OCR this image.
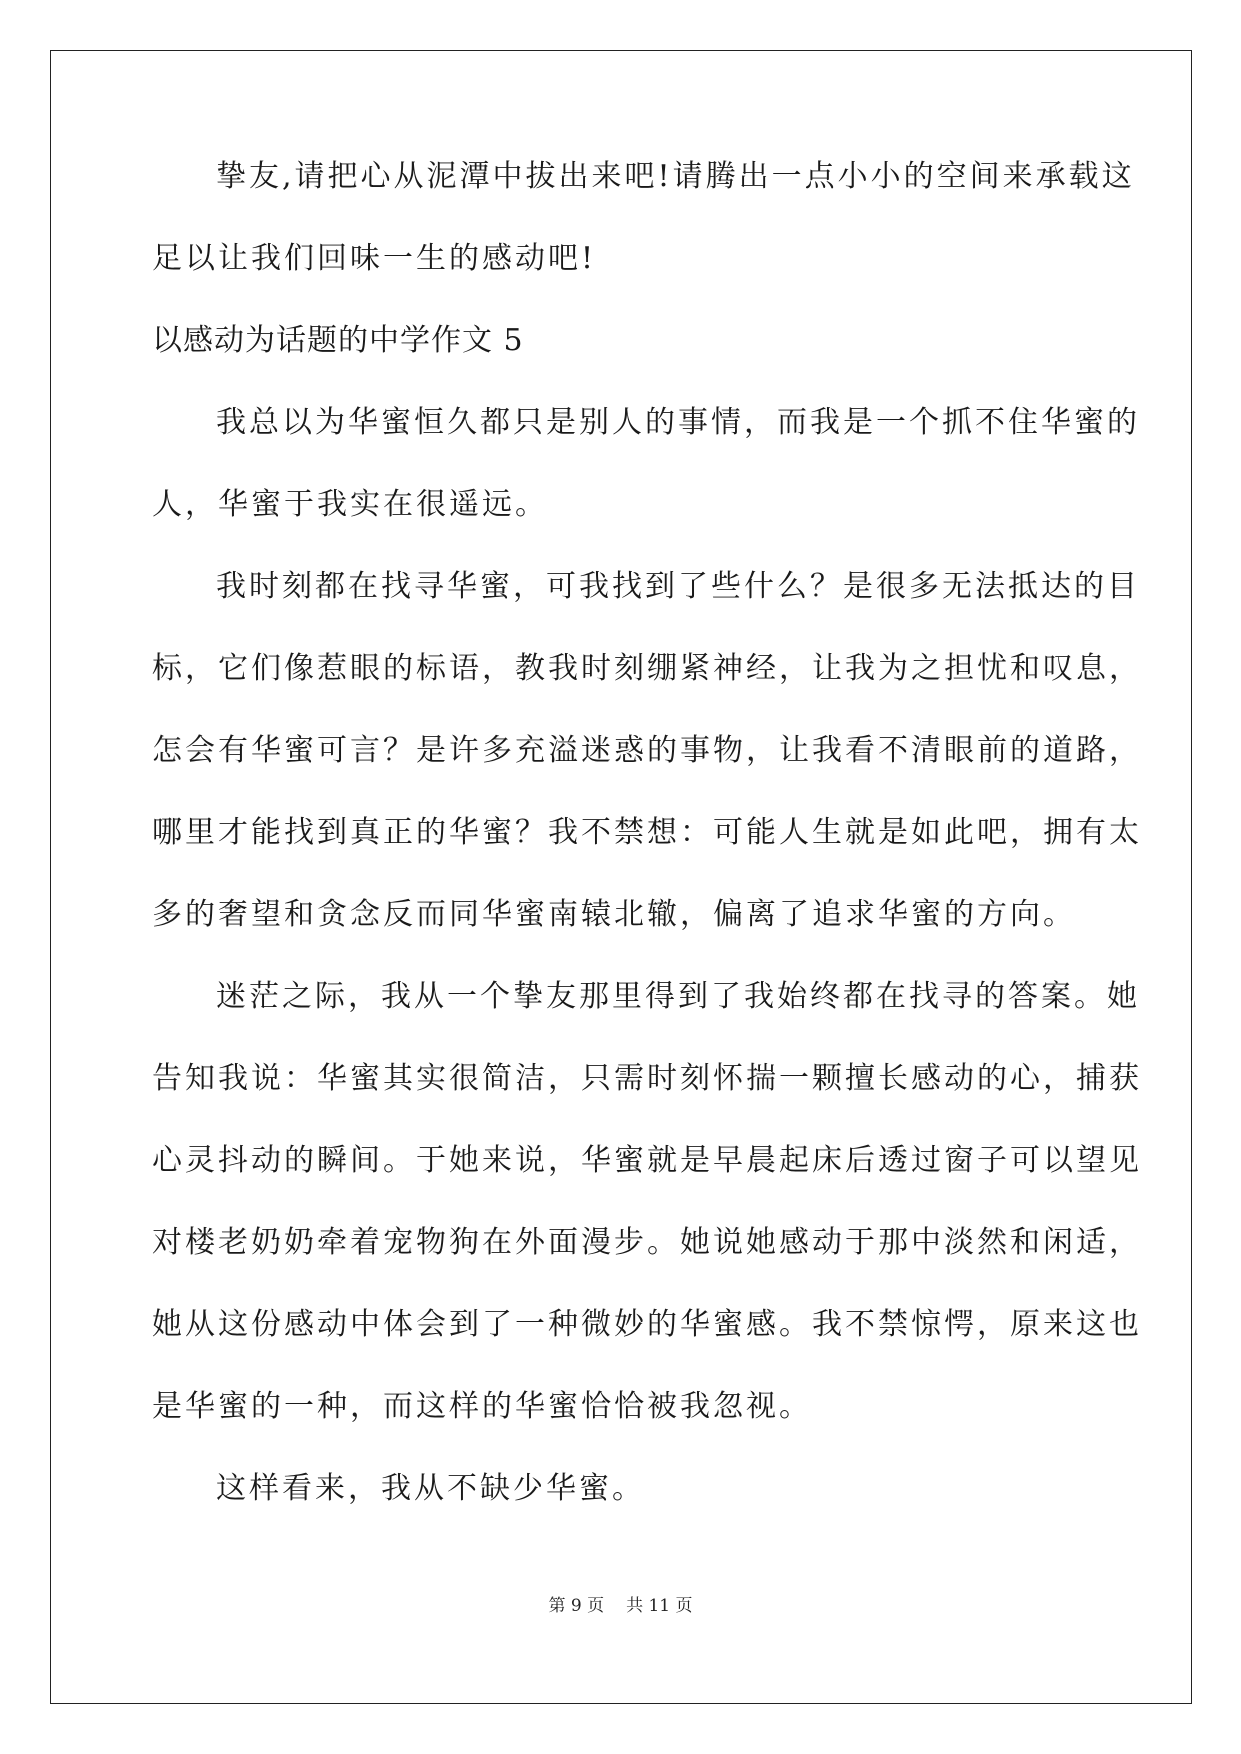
挚友,请把心从泥潭中拔出来吧!请腾出一点小小的空间来承载这
足以让我们回味一生的感动吧!
以感动为话题的中学作文 5
我总以为华蜜恒久都只是别人的事情，而我是一个抓不住华蜜的
人，华蜜于我实在很遥远。
我时刻都在找寻华蜜，可我找到了些什么？是很多无法抵达的目
标，它们像惹眼的标语，教我时刻绷紧神经，让我为之担忧和叹息，
怎会有华蜜可言？是许多充溢迷惑的事物，让我看不清眼前的道路，
哪里才能找到真正的华蜜？我不禁想：可能人生就是如此吧，拥有太
多的奢望和贪念反而同华蜜南辕北辙，偏离了追求华蜜的方向。
迷茫之际，我从一个挚友那里得到了我始终都在找寻的答案。她
告知我说：华蜜其实很简洁，只需时刻怀揣一颗擅长感动的心，捕获
心灵抖动的瞬间。于她来说，华蜜就是早晨起床后透过窗子可以望见
对楼老奶奶牵着宠物狗在外面漫步。她说她感动于那中淡然和闲适，
她从这份感动中体会到了一种微妙的华蜜感。我不禁惊愕，原来这也
是华蜜的一种，而这样的华蜜恰恰被我忽视。
这样看来，我从不缺少华蜜。
第 9 页 共 11 页
